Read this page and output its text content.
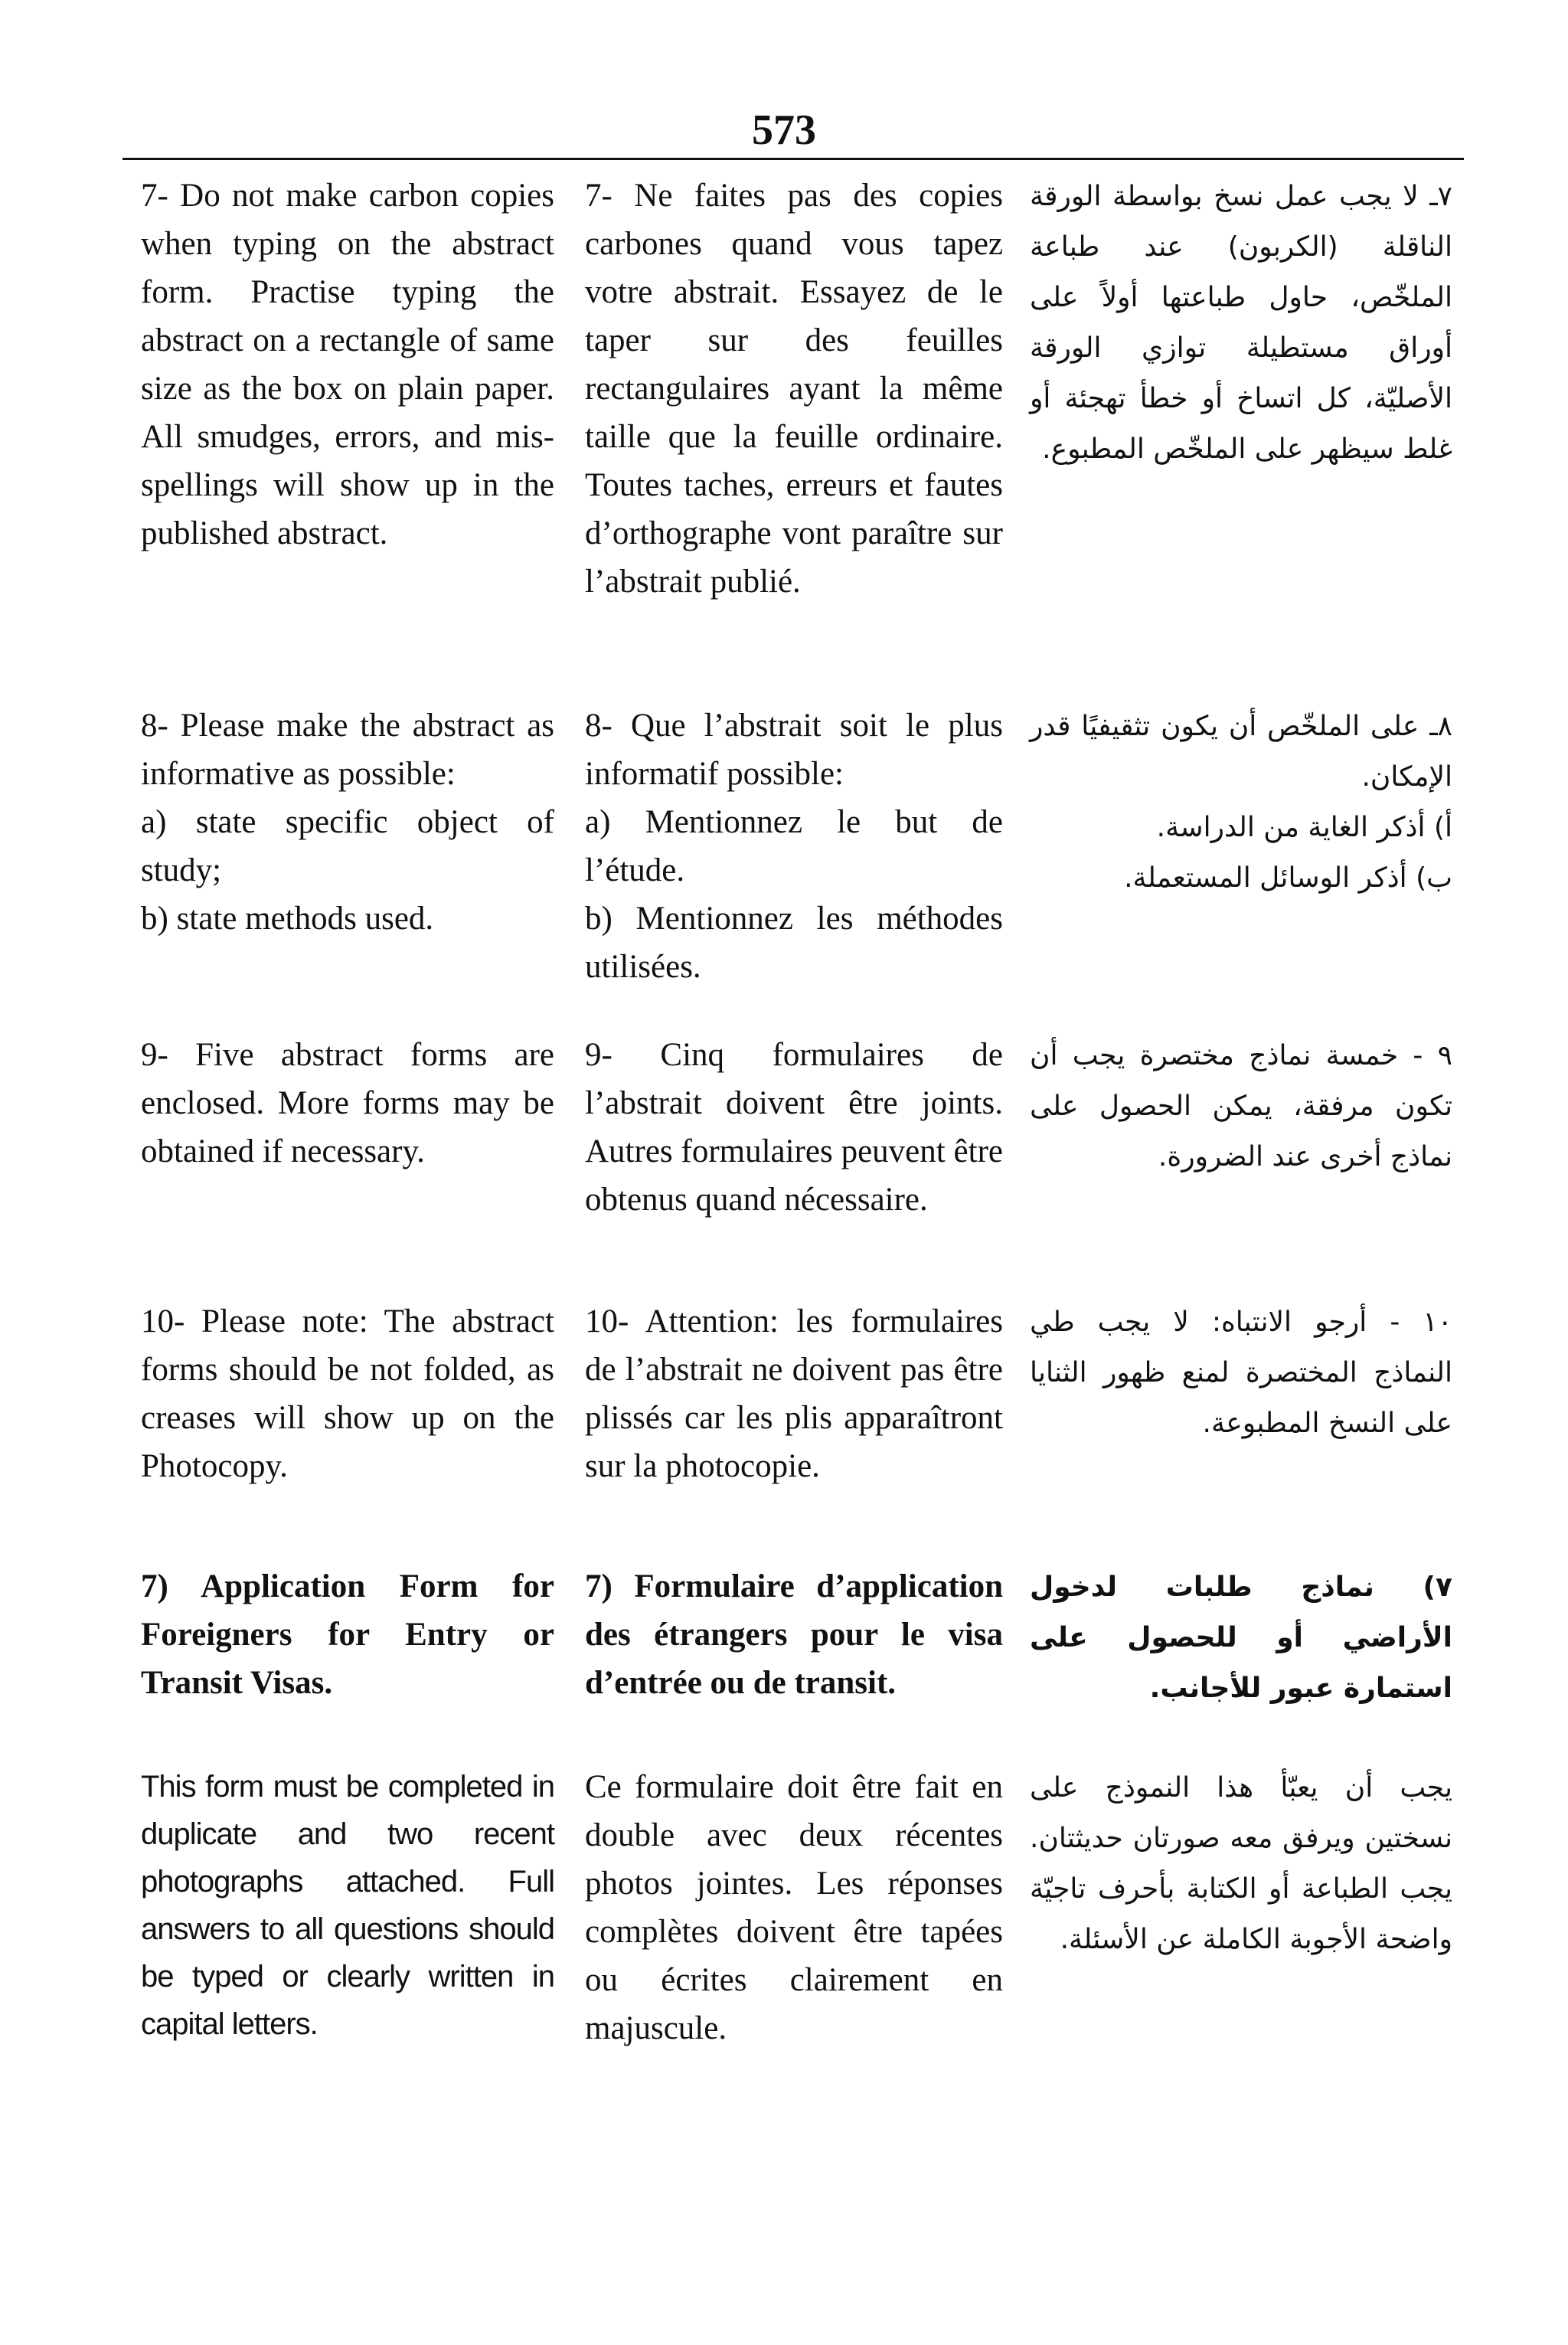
573

7- Do not make carbon copies when typing on the abstract form. Practise typing the abstract on a rectangle of same size as the box on plain paper. All smudges, errors, and misspellings will show up in the published abstract.

8- Please make the abstract as informative as possible:

a) state specific object of study;

b) state methods used.

9- Five abstract forms are enclosed. More forms may be obtained if necessary.

10- Please note: The abstract forms should be not folded, as creases will show up on the Photocopy.

7) Application Form for Foreigners for Entry or Transit Visas.

This form must be completed in duplicate and two recent photographs attached. Full answers to all questions should be typed or clearly written in capital letters.

7- Ne faites pas des copies carbones quand vous tapez votre abstrait. Essayez de le taper sur des feuilles rectangulaires ayant la même taille que la feuille ordinaire. Toutes taches, erreurs et fautes d’orthographe vont paraître sur l’abstrait publié.

8- Que l’abstrait soit le plus informatif possible:

a) Mentionnez le but de l’étude.

b) Mentionnez les méthodes utilisées.

9- Cinq formulaires de l’abstrait doivent être joints. Autres formulaires peuvent être obtenus quand nécessaire.

10- Attention: les formulaires de l’abstrait ne doivent pas être plissés car les plis apparaîtront sur la photocopie.

7) Formulaire d’application des étrangers pour le visa d’entrée ou de transit.

Ce formulaire doit être fait en double avec deux récentes photos jointes. Les réponses complètes doivent être tapées ou écrites clairement en majuscule.

٧ـ لا يجب عمل نسخ بواسطة الورقة الناقلة (الكربون) عند طباعة الملخّص، حاول طباعتها أولاً على أوراق مستطيلة توازي الورقة الأصليّة، كل اتساخ أو خطأ تهجئة أو غلط سيظهر على الملخّص المطبوع.

٨ـ على الملخّص أن يكون تثقيفيًا قدر الإمكان.

أ) أذكر الغاية من الدراسة.

ب) أذكر الوسائل المستعملة.

٩ - خمسة نماذج مختصرة يجب أن تكون مرفقة، يمكن الحصول على نماذج أخرى عند الضرورة.

١٠ - أرجو الانتباه: لا يجب طي النماذج المختصرة لمنع ظهور الثنايا على النسخ المطبوعة.

٧) نماذج طلبات لدخول الأراضي أو للحصول على استمارة عبور للأجانب.

يجب أن يعبّأ هذا النموذج على نسختين ويرفق معه صورتان حديثتان. يجب الطباعة أو الكتابة بأحرف تاجيّة واضحة الأجوبة الكاملة عن الأسئلة.
